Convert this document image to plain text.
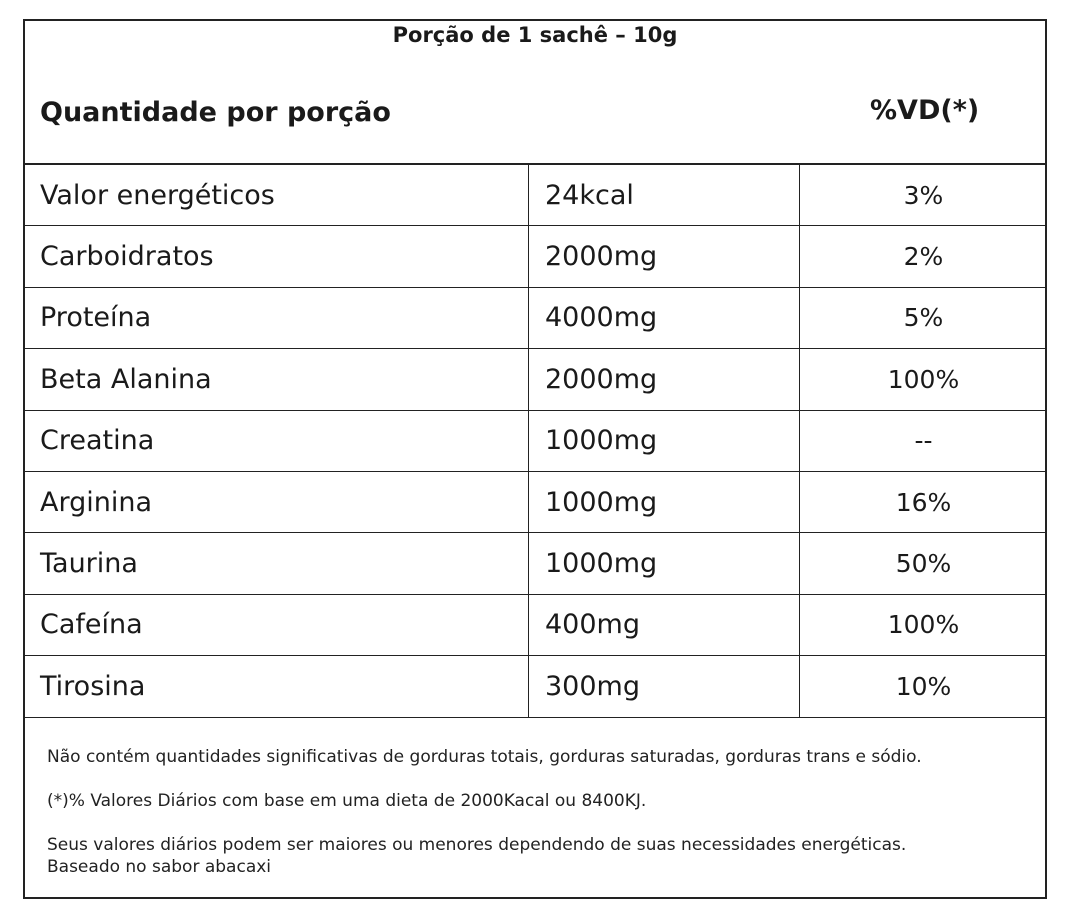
Porção de 1 sachê – 10g
Quantidade por porção	%VD(*)
Valor energéticos	24kcal	3%
Carboidratos	2000mg	2%
Proteína	4000mg	5%
Beta Alanina	2000mg	100%
Creatina	1000mg	--
Arginina	1000mg	16%
Taurina	1000mg	50%
Cafeína	400mg	100%
Tirosina	300mg	10%

Não contém quantidades significativas de gorduras totais, gorduras saturadas, gorduras trans e sódio.

(*)% Valores Diários com base em uma dieta de 2000Kacal ou 8400KJ.

Seus valores diários podem ser maiores ou menores dependendo de suas necessidades energéticas.

Baseado no sabor abacaxi
